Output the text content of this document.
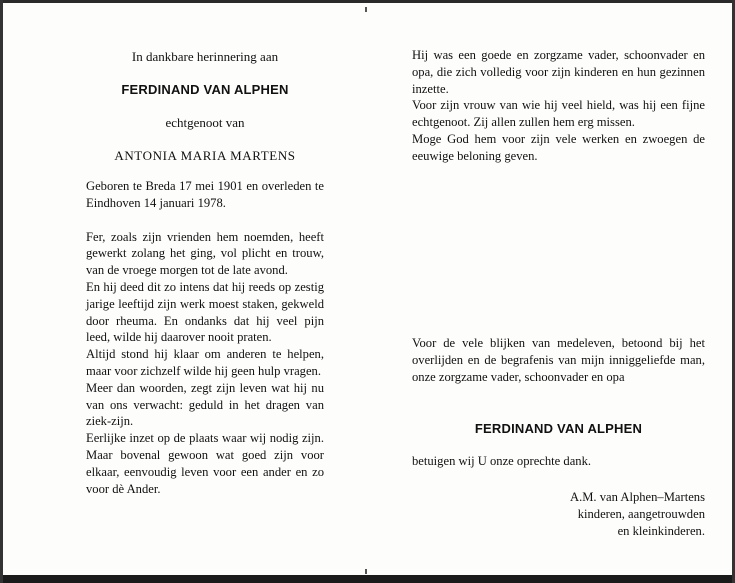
In dankbare herinnering aan
FERDINAND VAN ALPHEN
echtgenoot van
ANTONIA MARIA MARTENS
Geboren te Breda 17 mei 1901 en overleden te Eindhoven 14 januari 1978.
Fer, zoals zijn vrienden hem noemden, heeft gewerkt zolang het ging, vol plicht en trouw, van de vroege morgen tot de late avond.
En hij deed dit zo intens dat hij reeds op zestig jarige leeftijd zijn werk moest staken, gekweld door rheuma. En ondanks dat hij veel pijn leed, wilde hij daarover nooit praten.
Altijd stond hij klaar om anderen te helpen, maar voor zichzelf wilde hij geen hulp vragen.
Meer dan woorden, zegt zijn leven wat hij nu van ons verwacht: geduld in het dragen van ziek-zijn.
Eerlijke inzet op de plaats waar wij nodig zijn. Maar bovenal gewoon wat goed zijn voor elkaar, eenvoudig leven voor een ander en zo voor dè Ander.
Hij was een goede en zorgzame vader, schoonvader en opa, die zich volledig voor zijn kinderen en hun gezinnen inzette.
Voor zijn vrouw van wie hij veel hield, was hij een fijne echtgenoot. Zij allen zullen hem erg missen.
Moge God hem voor zijn vele werken en zwoegen de eeuwige beloning geven.
Voor de vele blijken van medeleven, betoond bij het overlijden en de begrafenis van mijn inniggeliefde man, onze zorgzame vader, schoonvader en opa
FERDINAND VAN ALPHEN
betuigen wij U onze oprechte dank.
A.M. van Alphen–Martens
kinderen, aangetrouwden
en kleinkinderen.
